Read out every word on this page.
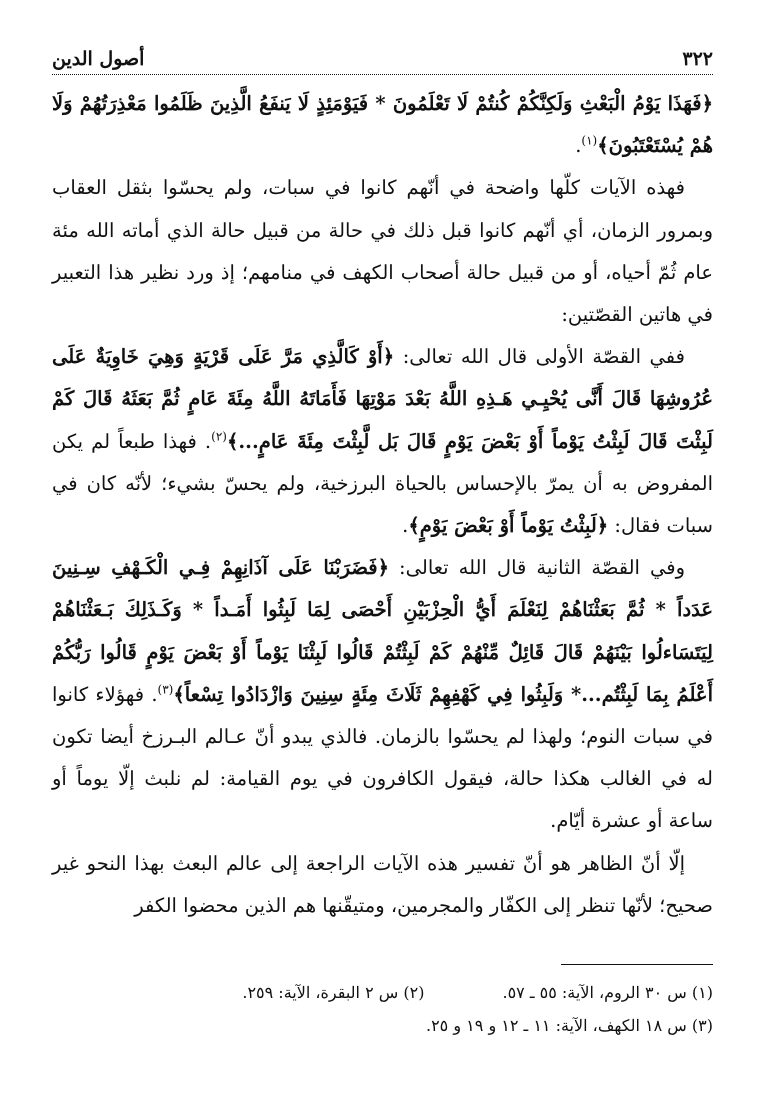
٣٢٢
أصول الدين

﴿فَهَذَا يَوْمُ الْبَعْثِ وَلَكِنَّكُمْ كُنتُمْ لَا تَعْلَمُونَ * فَيَوْمَئِذٍ لَا يَنفَعُ الَّذِينَ ظَلَمُوا مَعْذِرَتُهُمْ وَلَا هُمْ يُسْتَعْتَبُونَ﴾$^{(١)}$.

فهذه الآيات كلّها واضحة في أنّهم كانوا في سبات، ولم يحسّوا بثقل العقاب وبمرور الزمان، أي أنّهم كانوا قبل ذلك في حالة من قبيل حالة الذي أماته الله مئة عام ثُمّ أحياه، أو من قبيل حالة أصحاب الكهف في منامهم؛ إذ ورد نظير هذا التعبير في هاتين القصّتين:

ففي القصّة الأولى قال الله تعالى: ﴿أَوْ كَالَّذِي مَرَّ عَلَى قَرْيَةٍ وَهِيَ خَاوِيَةٌ عَلَى عُرُوشِهَا قَالَ أَنَّى يُحْيِـي هَـذِهِ اللَّهُ بَعْدَ مَوْتِهَا فَأَمَاتَهُ اللَّهُ مِئَةَ عَامٍ ثُمَّ بَعَثَهُ قَالَ كَمْ لَبِثْتَ قَالَ لَبِثْتُ يَوْماً أَوْ بَعْضَ يَوْمٍ قَالَ بَل لَّبِثْتَ مِئَةَ عَامٍ...﴾$^{(٢)}$. فهذا طبعاً لم يكن المفروض به أن يمرّ بالإحساس بالحياة البرزخية، ولم يحسّ بشيء؛ لأنّه كان في سبات فقال: ﴿لَبِثْتُ يَوْماً أَوْ بَعْضَ يَوْمٍ﴾.

وفي القصّة الثانية قال الله تعالى: ﴿فَضَرَبْنَا عَلَى آذَانِهِمْ فِـي الْكَـهْفِ سِـنِينَ عَدَداً * ثُمَّ بَعَثْنَاهُمْ لِنَعْلَمَ أَيُّ الْحِزْبَيْنِ أَحْصَى لِمَا لَبِثُوا أَمَـداً * وَكَـذَلِكَ بَـعَثْنَاهُمْ لِيَتَسَاءلُوا بَيْنَهُمْ قَالَ قَائِلٌ مِّنْهُمْ كَمْ لَبِثْتُمْ قَالُوا لَبِثْنَا يَوْماً أَوْ بَعْضَ يَوْمٍ قَالُوا رَبُّكُمْ أَعْلَمُ بِمَا لَبِثْتُم...* وَلَبِثُوا فِي كَهْفِهِمْ ثَلَاثَ مِئَةٍ سِنِينَ وَازْدَادُوا تِسْعاً﴾$^{(٣)}$. فهؤلاء كانوا في سبات النوم؛ ولهذا لم يحسّوا بالزمان. فالذي يبدو أنّ عـالم البـرزخ أيضا تكون له في الغالب هكذا حالة، فيقول الكافرون في يوم القيامة: لم نلبث إلّا يوماً أو ساعة أو عشرة أيّام.

إلّا أنّ الظاهر هو أنّ تفسير هذه الآيات الراجعة إلى عالم البعث بهذا النحو غير صحيح؛ لأنّها تنظر إلى الكفّار والمجرمين، ومتيقّنها هم الذين محضوا الكفر

(١) س ٣٠ الروم، الآية: ٥٥ ـ ٥٧.
(٢) س ٢ البقرة، الآية: ٢٥٩.
(٣) س ١٨ الكهف، الآية: ١١ ـ ١٢ و ١٩ و ٢٥.
